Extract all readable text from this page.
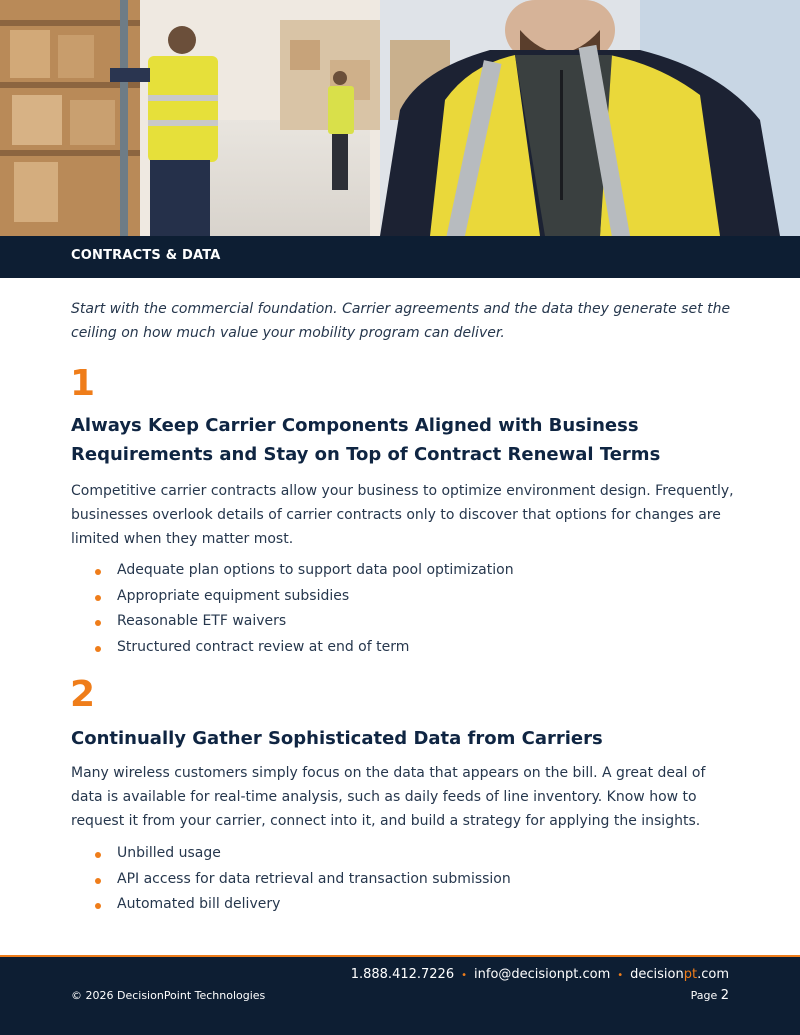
CONTRACTS & DATA
Start with the commercial foundation. Carrier agreements and the data they generate set the ceiling on how much value your mobility program can deliver.
1
Always Keep Carrier Components Aligned with Business Requirements and Stay on Top of Contract Renewal Terms
Competitive carrier contracts allow your business to optimize environment design. Frequently, businesses overlook details of carrier contracts only to discover that options for changes are limited when they matter most.
Adequate plan options to support data pool optimization
Appropriate equipment subsidies
Reasonable ETF waivers
Structured contract review at end of term
2
Continually Gather Sophisticated Data from Carriers
Many wireless customers simply focus on the data that appears on the bill. A great deal of data is available for real-time analysis, such as daily feeds of line inventory. Know how to request it from your carrier, connect into it, and build a strategy for applying the insights.
Unbilled usage
API access for data retrieval and transaction submission
Automated bill delivery
1.888.412.7226 • info@decisionpt.com • decisionpt.com
© 2026 DecisionPoint Technologies	Page 2
